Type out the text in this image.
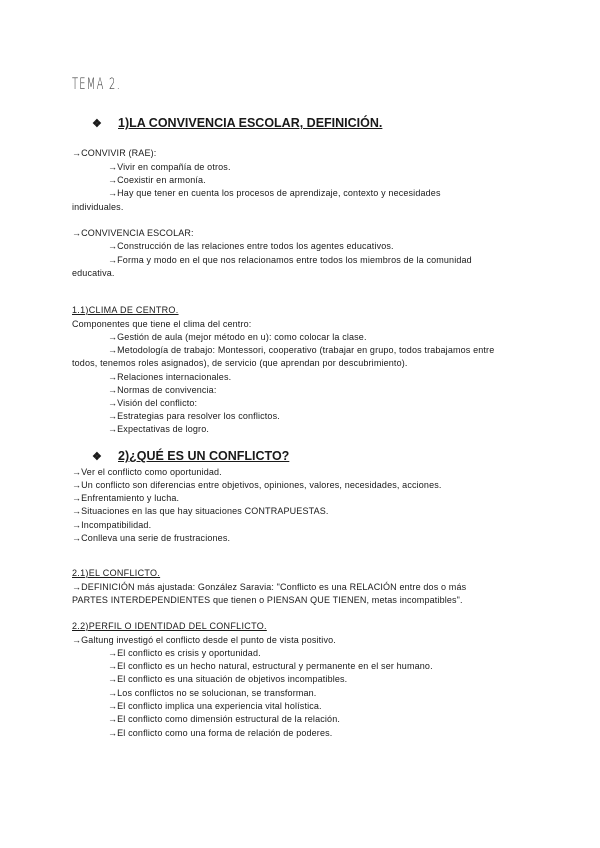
TEMA 2.
❖ 1)LA CONVIVENCIA ESCOLAR, DEFINICIÓN.
→CONVIVIR (RAE):
→Vivir en compañía de otros.
→Coexistir en armonía.
→Hay que tener en cuenta los procesos de aprendizaje, contexto y necesidades
individuales.
→CONVIVENCIA ESCOLAR:
→Construcción de las relaciones entre todos los agentes educativos.
→Forma y modo en el que nos relacionamos entre todos los miembros de la comunidad
educativa.
1.1)CLIMA DE CENTRO.
Componentes que tiene el clima del centro:
→Gestión de aula (mejor método en u): como colocar la clase.
→Metodología de trabajo: Montessori, cooperativo (trabajar en grupo, todos trabajamos entre
todos, tenemos roles asignados), de servicio (que aprendan por descubrimiento).
→Relaciones internacionales.
→Normas de convivencia:
→Visión del conflicto:
→Estrategias para resolver los conflictos.
→Expectativas de logro.
❖ 2)¿QUÉ ES UN CONFLICTO?
→Ver el conflicto como oportunidad.
→Un conflicto son diferencias entre objetivos, opiniones, valores, necesidades, acciones.
→Enfrentamiento y lucha.
→Situaciones en las que hay situaciones CONTRAPUESTAS.
→Incompatibilidad.
→Conlleva una serie de frustraciones.
2.1)EL CONFLICTO.
→DEFINICIÓN más ajustada: González Saravia: "Conflicto es una RELACIÓN entre dos o más
PARTES INTERDEPENDIENTES que tienen o PIENSAN QUE TIENEN, metas incompatibles".
2.2)PERFIL O IDENTIDAD DEL CONFLICTO.
→Galtung investigó el conflicto desde el punto de vista positivo.
→El conflicto es crisis y oportunidad.
→El conflicto es un hecho natural, estructural y permanente en el ser humano.
→El conflicto es una situación de objetivos incompatibles.
→Los conflictos no se solucionan, se transforman.
→El conflicto implica una experiencia vital holística.
→El conflicto como dimensión estructural de la relación.
→El conflicto como una forma de relación de poderes.
